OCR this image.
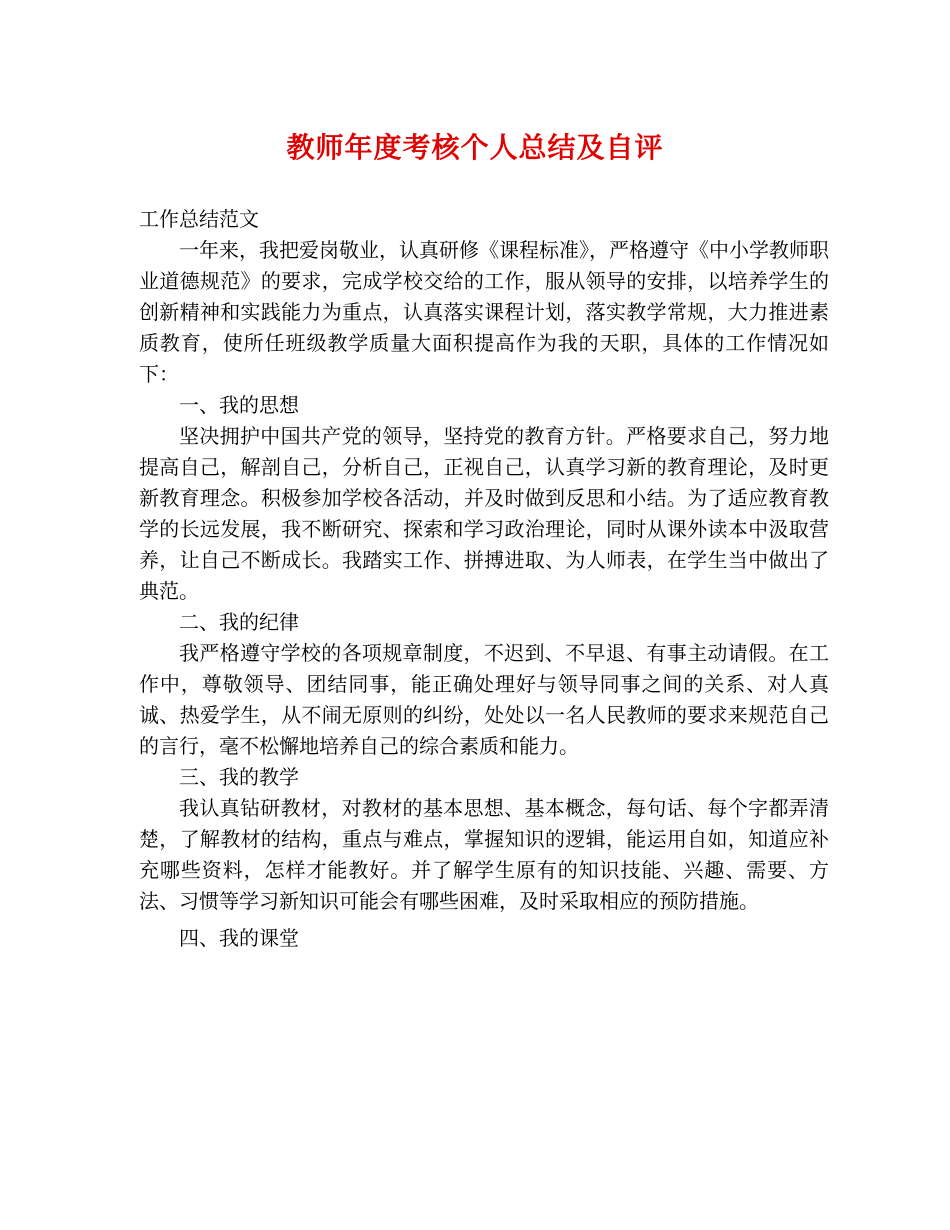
教师年度考核个人总结及自评

工作总结范文

一年来，我把爱岗敬业，认真研修《课程标准》，严格遵守《中小学教师职业道德规范》的要求，完成学校交给的工作，服从领导的安排，以培养学生的创新精神和实践能力为重点，认真落实课程计划，落实教学常规，大力推进素质教育，使所任班级教学质量大面积提高作为我的天职，具体的工作情况如下：

一、我的思想

坚决拥护中国共产党的领导，坚持党的教育方针。严格要求自己，努力地提高自己，解剖自己，分析自己，正视自己，认真学习新的教育理论，及时更新教育理念。积极参加学校各活动，并及时做到反思和小结。为了适应教育教学的长远发展，我不断研究、探索和学习政治理论，同时从课外读本中汲取营养，让自己不断成长。我踏实工作、拼搏进取、为人师表，在学生当中做出了典范。

二、我的纪律

我严格遵守学校的各项规章制度，不迟到、不早退、有事主动请假。在工作中，尊敬领导、团结同事，能正确处理好与领导同事之间的关系、对人真诚、热爱学生，从不闹无原则的纠纷，处处以一名人民教师的要求来规范自己的言行，毫不松懈地培养自己的综合素质和能力。

三、我的教学

我认真钻研教材，对教材的基本思想、基本概念，每句话、每个字都弄清楚，了解教材的结构，重点与难点，掌握知识的逻辑，能运用自如，知道应补充哪些资料，怎样才能教好。并了解学生原有的知识技能、兴趣、需要、方法、习惯等学习新知识可能会有哪些困难，及时采取相应的预防措施。

四、我的课堂
